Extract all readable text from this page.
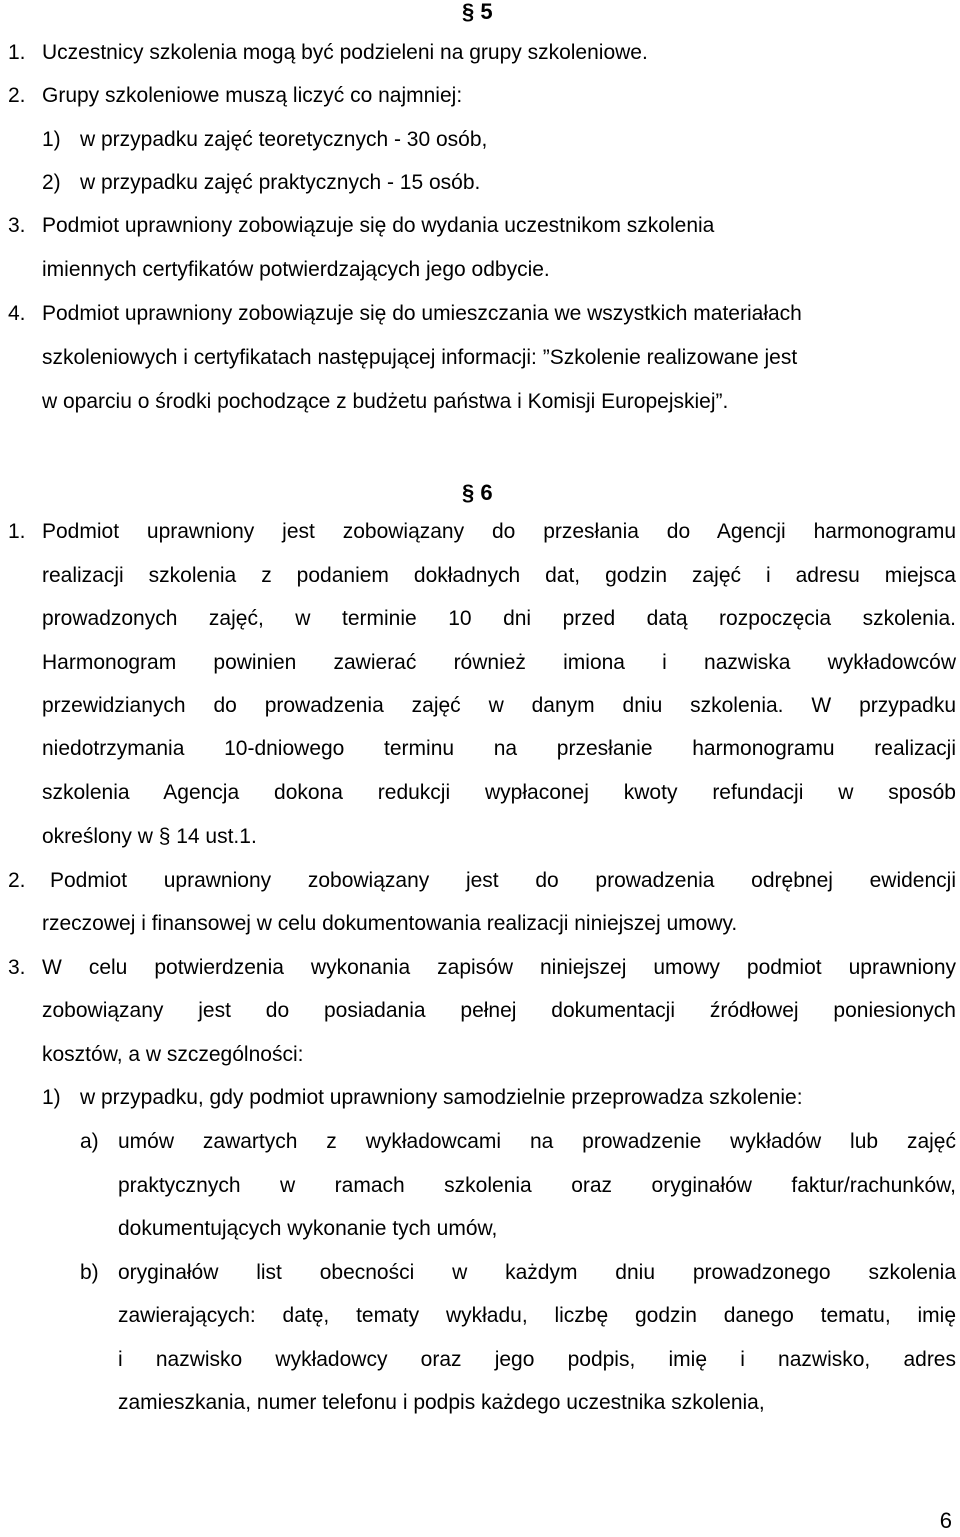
§ 5
1. Uczestnicy szkolenia mogą być podzieleni na grupy szkoleniowe.
2. Grupy szkoleniowe muszą liczyć co najmniej:
1) w przypadku zajęć teoretycznych - 30 osób,
2) w przypadku zajęć praktycznych - 15 osób.
3. Podmiot uprawniony zobowiązuje się do wydania uczestnikom szkolenia
imiennych certyfikatów potwierdzających jego odbycie.
4. Podmiot uprawniony zobowiązuje się do umieszczania we wszystkich materiałach
szkoleniowych i certyfikatach następującej informacji: ”Szkolenie realizowane jest
w oparciu o środki pochodzące z budżetu państwa i Komisji Europejskiej”.
§ 6
1. Podmiot uprawniony jest zobowiązany do przesłania do Agencji harmonogramu
realizacji szkolenia z podaniem dokładnych dat, godzin zajęć i adresu miejsca
prowadzonych zajęć, w terminie 10 dni przed datą rozpoczęcia szkolenia.
Harmonogram powinien zawierać również imiona i nazwiska wykładowców
przewidzianych do prowadzenia zajęć w danym dniu szkolenia. W przypadku
niedotrzymania 10-dniowego terminu na przesłanie harmonogramu realizacji
szkolenia Agencja dokona redukcji wypłaconej kwoty refundacji w sposób
określony w § 14 ust.1.
2. Podmiot uprawniony zobowiązany jest do prowadzenia odrębnej ewidencji
rzeczowej i finansowej w celu dokumentowania realizacji niniejszej umowy.
3. W celu potwierdzenia wykonania zapisów niniejszej umowy podmiot uprawniony
zobowiązany jest do posiadania pełnej dokumentacji źródłowej poniesionych
kosztów, a w szczególności:
1) w przypadku, gdy podmiot uprawniony samodzielnie przeprowadza szkolenie:
a) umów zawartych z wykładowcami na prowadzenie wykładów lub zajęć
praktycznych w ramach szkolenia oraz oryginałów faktur/rachunków,
dokumentujących wykonanie tych umów,
b) oryginałów list obecności w każdym dniu prowadzonego szkolenia
zawierających: datę, tematy wykładu, liczbę godzin danego tematu, imię
i nazwisko wykładowcy oraz jego podpis, imię i nazwisko, adres
zamieszkania, numer telefonu i podpis każdego uczestnika szkolenia,
6
